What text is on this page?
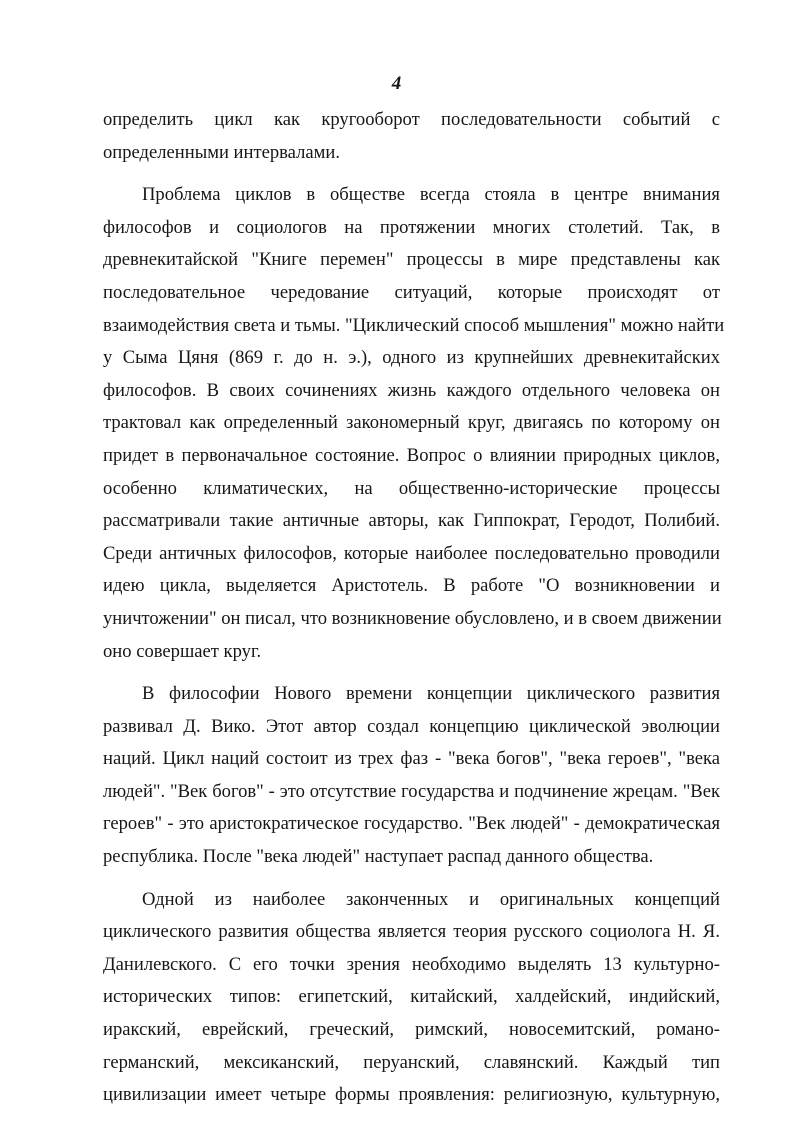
4
определить цикл как кругооборот последовательности событий с
определенными интервалами.
Проблема циклов в обществе всегда стояла в центре внимания
философов и социологов на протяжении многих столетий. Так, в
древнекитайской "Книге перемен" процессы в мире представлены как
последовательное чередование ситуаций, которые происходят от
взаимодействия света и тьмы. "Циклический способ мышления" можно найти
у Сыма Цяня (869 г. до н. э.), одного из крупнейших древнекитайских
философов. В своих сочинениях жизнь каждого отдельного человека он
трактовал как определенный закономерный круг, двигаясь по которому он
придет в первоначальное состояние. Вопрос о влиянии природных циклов,
особенно климатических, на общественно-исторические процессы
рассматривали такие античные авторы, как Гиппократ, Геродот, Полибий.
Среди античных философов, которые наиболее последовательно проводили
идею цикла, выделяется Аристотель. В работе "О возникновении и
уничтожении" он писал, что возникновение обусловлено, и в своем движении
оно совершает круг.
В философии Нового времени концепции циклического развития
развивал Д. Вико. Этот автор создал концепцию циклической эволюции
наций. Цикл наций состоит из трех фаз - "века богов", "века героев", "века
людей". "Век богов" - это отсутствие государства и подчинение жрецам. "Век
героев" - это аристократическое государство. "Век людей" - демократическая
республика. После "века людей" наступает распад данного общества.
Одной из наиболее законченных и оригинальных концепций
циклического развития общества является теория русского социолога Н. Я.
Данилевского. С его точки зрения необходимо выделять 13 культурно-
исторических типов: египетский, китайский, халдейский, индийский,
иракский, еврейский, греческий, римский, новосемитский, романо-
германский, мексиканский, перуанский, славянский. Каждый тип
цивилизации имеет четыре формы проявления: религиозную, культурную,
